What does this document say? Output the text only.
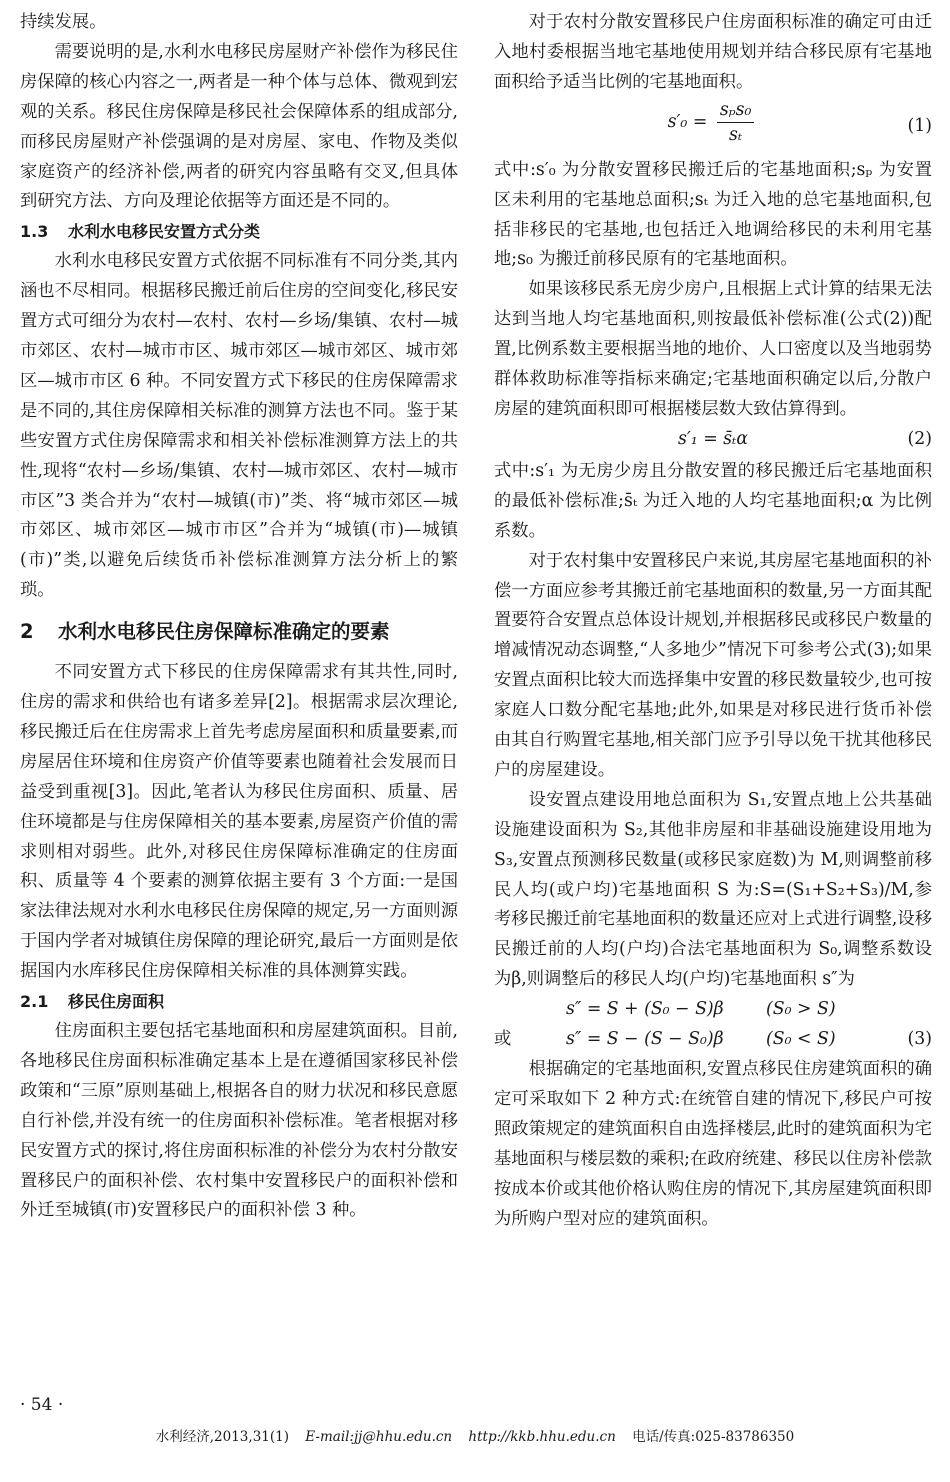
持续发展。

需要说明的是,水利水电移民房屋财产补偿作为移民住房保障的核心内容之一,两者是一种个体与总体、微观到宏观的关系。移民住房保障是移民社会保障体系的组成部分,而移民房屋财产补偿强调的是对房屋、家电、作物及类似家庭资产的经济补偿,两者的研究内容虽略有交叉,但具体到研究方法、方向及理论依据等方面还是不同的。

1.3 水利水电移民安置方式分类

水利水电移民安置方式依据不同标准有不同分类,其内涵也不尽相同。根据移民搬迁前后住房的空间变化,移民安置方式可细分为农村—农村、农村—乡场/集镇、农村—城市郊区、农村—城市市区、城市郊区—城市郊区、城市郊区—城市市区 6 种。不同安置方式下移民的住房保障需求是不同的,其住房保障相关标准的测算方法也不同。鉴于某些安置方式住房保障需求和相关补偿标准测算方法上的共性,现将“农村—乡场/集镇、农村—城市郊区、农村—城市市区”3 类合并为“农村—城镇(市)”类、将“城市郊区—城市郊区、城市郊区—城市市区”合并为“城镇(市)—城镇(市)”类,以避免后续货币补偿标准测算方法分析上的繁琐。

2 水利水电移民住房保障标准确定的要素

不同安置方式下移民的住房保障需求有其共性,同时,住房的需求和供给也有诸多差异[2]。根据需求层次理论,移民搬迁后在住房需求上首先考虑房屋面积和质量要素,而房屋居住环境和住房资产价值等要素也随着社会发展而日益受到重视[3]。因此,笔者认为移民住房面积、质量、居住环境都是与住房保障相关的基本要素,房屋资产价值的需求则相对弱些。此外,对移民住房保障标准确定的住房面积、质量等 4 个要素的测算依据主要有 3 个方面:一是国家法律法规对水利水电移民住房保障的规定,另一方面则源于国内学者对城镇住房保障的理论研究,最后一方面则是依据国内水库移民住房保障相关标准的具体测算实践。

2.1 移民住房面积

住房面积主要包括宅基地面积和房屋建筑面积。目前,各地移民住房面积标准确定基本上是在遵循国家移民补偿政策和“三原”原则基础上,根据各自的财力状况和移民意愿自行补偿,并没有统一的住房面积补偿标准。笔者根据对移民安置方式的探讨,将住房面积标准的补偿分为农村分散安置移民户的面积补偿、农村集中安置移民户的面积补偿和外迁至城镇(市)安置移民户的面积补偿 3 种。

对于农村分散安置移民户住房面积标准的确定可由迁入地村委根据当地宅基地使用规划并结合移民原有宅基地面积给予适当比例的宅基地面积。

$s'_0 = \frac{\text{sₚs₀}}{\text{sₜ}}$	(1)

式中:s′₀ 为分散安置移民搬迁后的宅基地面积;sₚ 为安置区未利用的宅基地总面积;sₜ 为迁入地的总宅基地面积,包括非移民的宅基地,也包括迁入地调给移民的未利用宅基地;s₀ 为搬迁前移民原有的宅基地面积。

如果该移民系无房少房户,且根据上式计算的结果无法达到当地人均宅基地面积,则按最低补偿标准(公式(2))配置,比例系数主要根据当地的地价、人口密度以及当地弱势群体救助标准等指标来确定;宅基地面积确定以后,分散户房屋的建筑面积即可根据楼层数大致估算得到。

s′₁ = s̄ₜα	(2)

式中:s′₁ 为无房少房且分散安置的移民搬迁后宅基地面积的最低补偿标准;s̄ₜ 为迁入地的人均宅基地面积;α 为比例系数。

对于农村集中安置移民户来说,其房屋宅基地面积的补偿一方面应参考其搬迁前宅基地面积的数量,另一方面其配置要符合安置点总体设计规划,并根据移民或移民户数量的增减情况动态调整,“人多地少”情况下可参考公式(3);如果安置点面积比较大而选择集中安置的移民数量较少,也可按家庭人口数分配宅基地;此外,如果是对移民进行货币补偿由其自行购置宅基地,相关部门应予引导以免干扰其他移民户的房屋建设。

设安置点建设用地总面积为 S₁,安置点地上公共基础设施建设面积为 S₂,其他非房屋和非基础设施建设用地为 S₃,安置点预测移民数量(或移民家庭数)为 M,则调整前移民人均(或户均)宅基地面积 S 为:S=(S₁+S₂+S₃)/M,参考移民搬迁前宅基地面积的数量还应对上式进行调整,设移民搬迁前的人均(户均)合法宅基地面积为 S₀,调整系数设为β,则调整后的移民人均(户均)宅基地面积 s″为

s″ = S + (S₀ − S)β (S₀ > S)
或	s″ = S − (S − S₀)β (S₀ < S)	(3)

根据确定的宅基地面积,安置点移民住房建筑面积的确定可采取如下 2 种方式:在统管自建的情况下,移民户可按照政策规定的建筑面积自由选择楼层,此时的建筑面积为宅基地面积与楼层数的乘积;在政府统建、移民以住房补偿款按成本价或其他价格认购住房的情况下,其房屋建筑面积即为所购户型对应的建筑面积。

· 54 ·
水利经济,2013,31(1) E-mail:jj@hhu.edu.cn http://kkb.hhu.edu.cn 电话/传真:025-83786350
